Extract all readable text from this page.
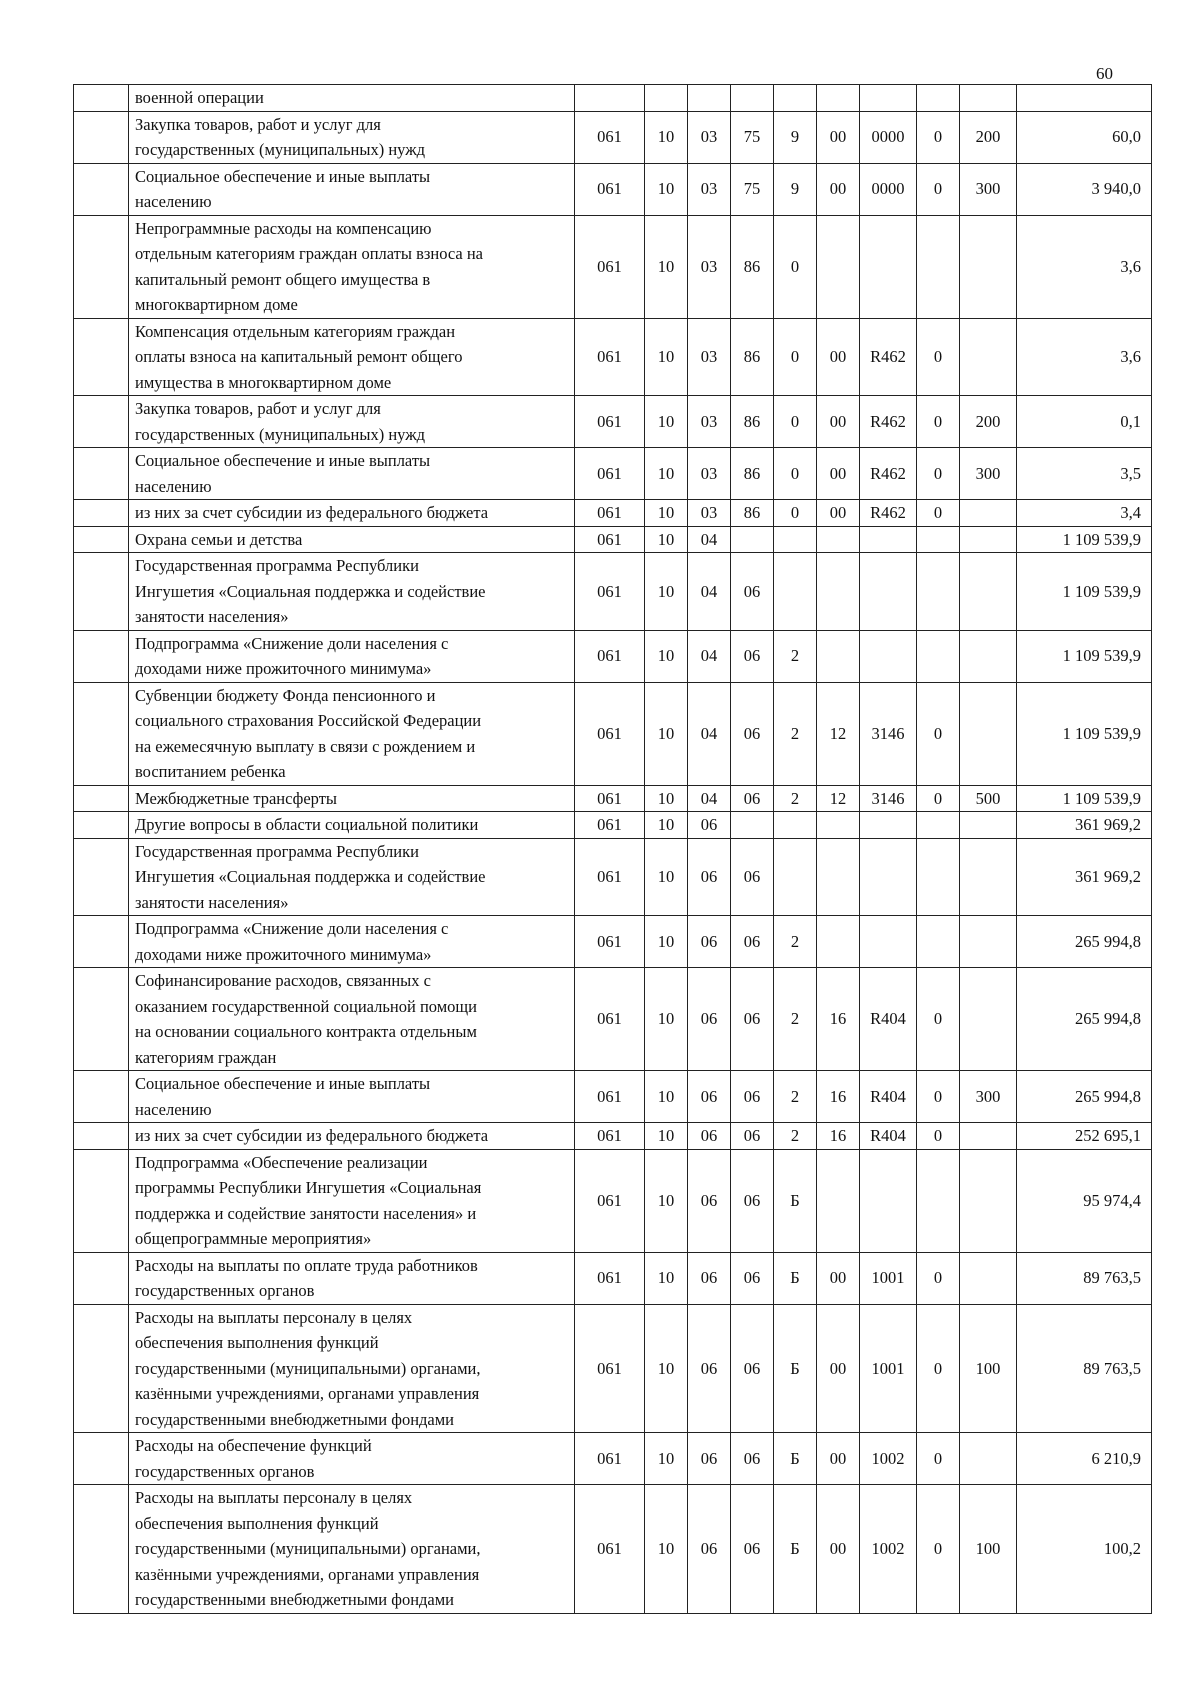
60
	военной операции										
	Закупка товаров, работ и услуг для
государственных (муниципальных) нужд	061	10	03	75	9	00	0000	0	200	60,0
	Социальное обеспечение и иные выплаты
населению	061	10	03	75	9	00	0000	0	300	3 940,0
	Непрограммные расходы на компенсацию
отдельным категориям граждан оплаты взноса на
капитальный ремонт общего имущества в
многоквартирном доме	061	10	03	86	0					3,6
	Компенсация отдельным категориям граждан
оплаты взноса на капитальный ремонт общего
имущества в многоквартирном доме	061	10	03	86	0	00	R462	0		3,6
	Закупка товаров, работ и услуг для
государственных (муниципальных) нужд	061	10	03	86	0	00	R462	0	200	0,1
	Социальное обеспечение и иные выплаты
населению	061	10	03	86	0	00	R462	0	300	3,5
	из них за счет субсидии из федерального бюджета	061	10	03	86	0	00	R462	0		3,4
	Охрана семьи и детства	061	10	04							1 109 539,9
	Государственная программа Республики
Ингушетия «Социальная поддержка и содействие
занятости населения»	061	10	04	06						1 109 539,9
	Подпрограмма «Снижение доли населения с
доходами ниже прожиточного минимума»	061	10	04	06	2					1 109 539,9
	Субвенции бюджету Фонда пенсионного и
социального страхования Российской Федерации
на ежемесячную выплату в связи с рождением и
воспитанием ребенка	061	10	04	06	2	12	3146	0		1 109 539,9
	Межбюджетные трансферты	061	10	04	06	2	12	3146	0	500	1 109 539,9
	Другие вопросы в области социальной политики	061	10	06							361 969,2
	Государственная программа Республики
Ингушетия «Социальная поддержка и содействие
занятости населения»	061	10	06	06						361 969,2
	Подпрограмма «Снижение доли населения с
доходами ниже прожиточного минимума»	061	10	06	06	2					265 994,8
	Софинансирование расходов, связанных с
оказанием государственной социальной помощи
на основании социального контракта отдельным
категориям граждан	061	10	06	06	2	16	R404	0		265 994,8
	Социальное обеспечение и иные выплаты
населению	061	10	06	06	2	16	R404	0	300	265 994,8
	из них за счет субсидии из федерального бюджета	061	10	06	06	2	16	R404	0		252 695,1
	Подпрограмма «Обеспечение реализации
программы Республики Ингушетия «Социальная
поддержка и содействие занятости населения» и
общепрограммные мероприятия»	061	10	06	06	Б					95 974,4
	Расходы на выплаты по оплате труда работников
государственных органов	061	10	06	06	Б	00	1001	0		89 763,5
	Расходы на выплаты персоналу в целях
обеспечения выполнения функций
государственными (муниципальными) органами,
казёнными учреждениями, органами управления
государственными внебюджетными фондами	061	10	06	06	Б	00	1001	0	100	89 763,5
	Расходы на обеспечение функций
государственных органов	061	10	06	06	Б	00	1002	0		6 210,9
	Расходы на выплаты персоналу в целях
обеспечения выполнения функций
государственными (муниципальными) органами,
казёнными учреждениями, органами управления
государственными внебюджетными фондами	061	10	06	06	Б	00	1002	0	100	100,2
